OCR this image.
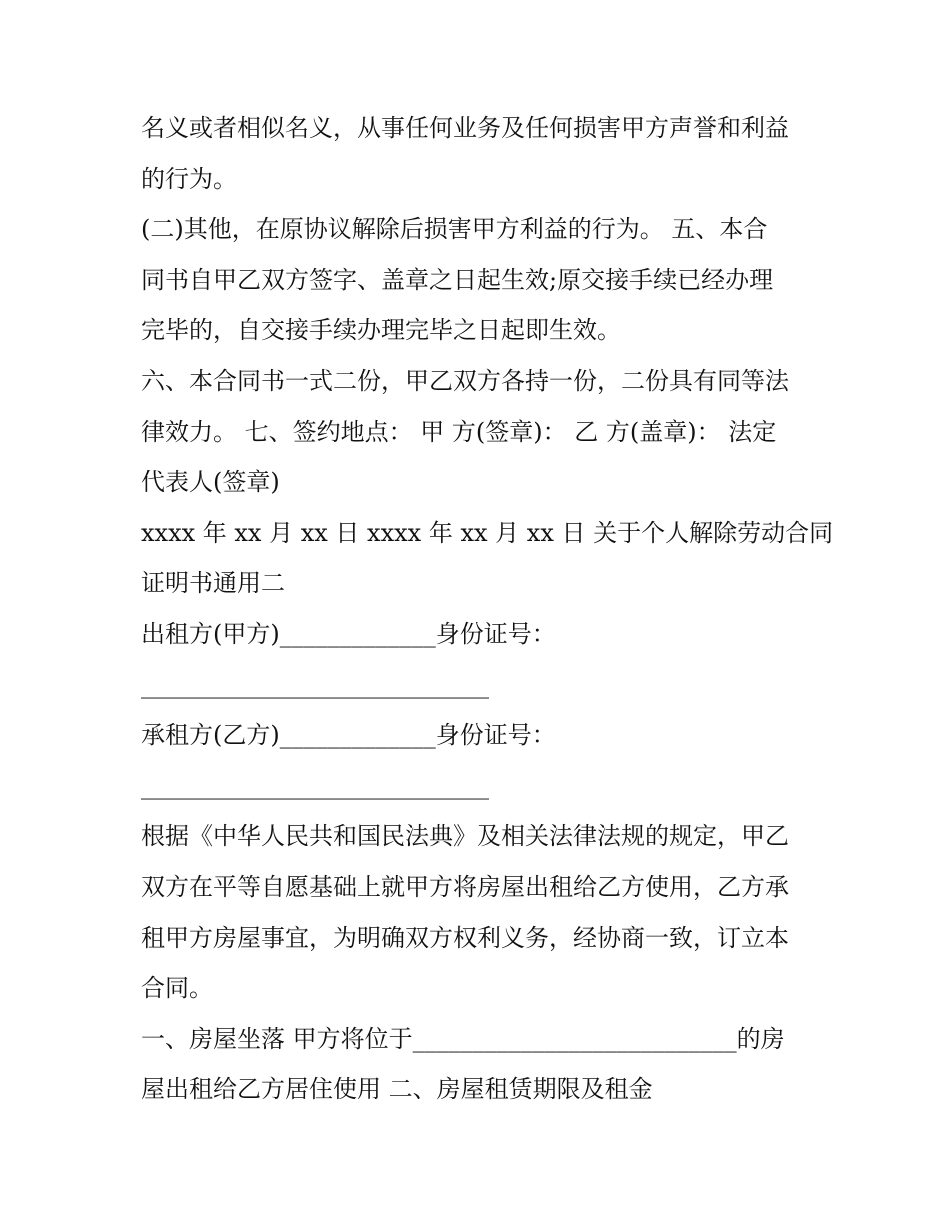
名义或者相似名义，从事任何业务及任何损害甲方声誉和利益
的行为。
(二)其他，在原协议解除后损害甲方利益的行为。 五、本合
同书自甲乙双方签字、盖章之日起生效;原交接手续已经办理
完毕的，自交接手续办理完毕之日起即生效。
六、本合同书一式二份，甲乙双方各持一份，二份具有同等法
律效力。 七、签约地点： 甲 方(签章)： 乙 方(盖章)： 法定
代表人(签章)
xxxx 年 xx 月 xx 日 xxxx 年 xx 月 xx 日 关于个人解除劳动合同
证明书通用二
出租方(甲方)_____________身份证号：
_____________________________
承租方(乙方)_____________身份证号：
_____________________________
根据《中华人民共和国民法典》及相关法律法规的规定，甲乙
双方在平等自愿基础上就甲方将房屋出租给乙方使用，乙方承
租甲方房屋事宜，为明确双方权利义务，经协商一致，订立本
合同。
一、房屋坐落 甲方将位于___________________________的房
屋出租给乙方居住使用 二、房屋租赁期限及租金
